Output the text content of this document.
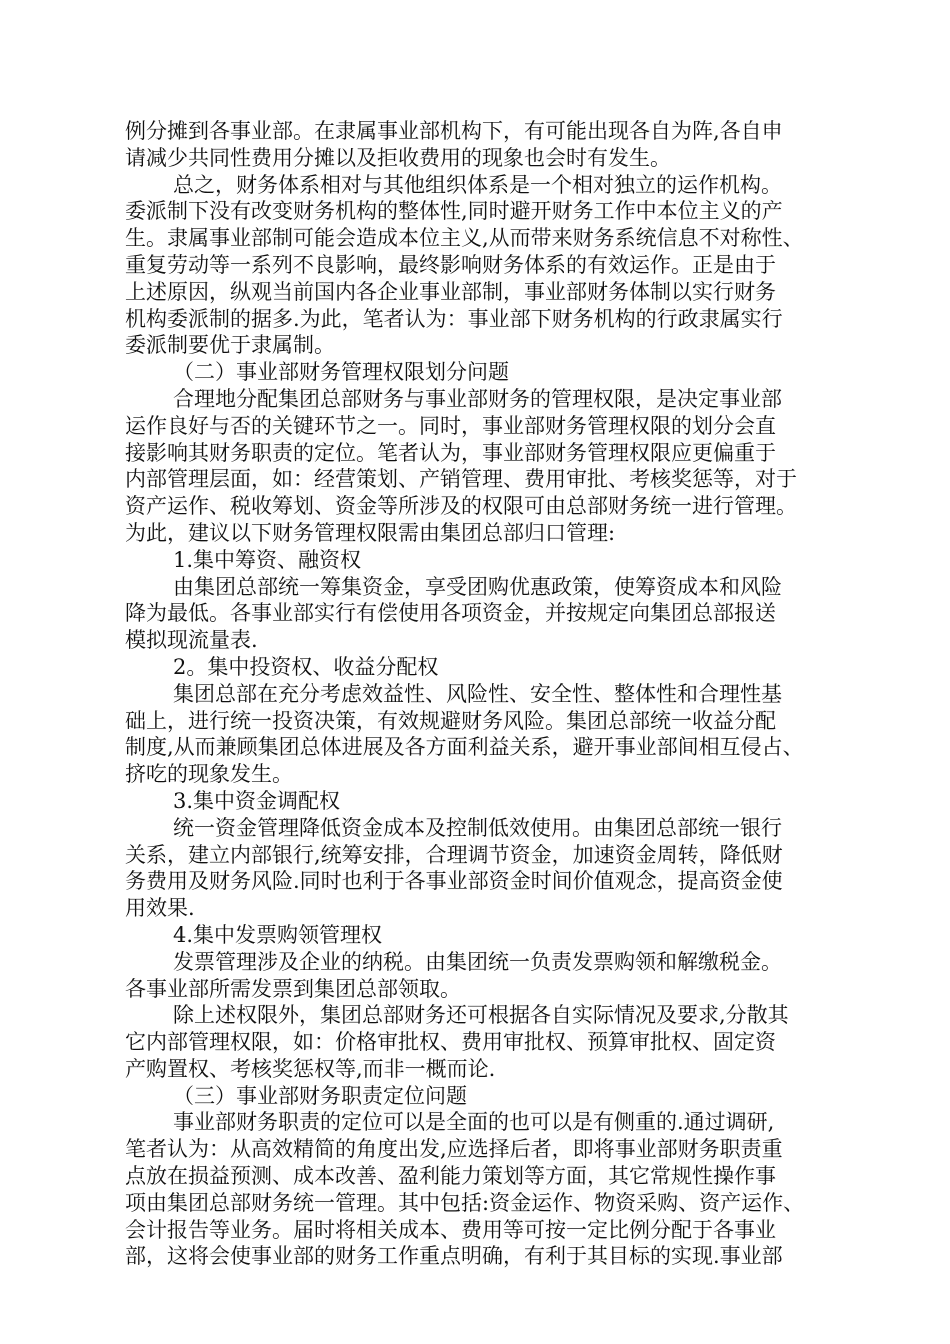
例分摊到各事业部。在隶属事业部机构下，有可能出现各自为阵,各自申
请减少共同性费用分摊以及拒收费用的现象也会时有发生。
总之，财务体系相对与其他组织体系是一个相对独立的运作机构。
委派制下没有改变财务机构的整体性,同时避开财务工作中本位主义的产
生。隶属事业部制可能会造成本位主义,从而带来财务系统信息不对称性、
重复劳动等一系列不良影响，最终影响财务体系的有效运作。正是由于
上述原因，纵观当前国内各企业事业部制，事业部财务体制以实行财务
机构委派制的据多.为此，笔者认为：事业部下财务机构的行政隶属实行
委派制要优于隶属制。
（二）事业部财务管理权限划分问题
合理地分配集团总部财务与事业部财务的管理权限，是决定事业部
运作良好与否的关键环节之一。同时，事业部财务管理权限的划分会直
接影响其财务职责的定位。笔者认为，事业部财务管理权限应更偏重于
内部管理层面，如：经营策划、产销管理、费用审批、考核奖惩等，对于
资产运作、税收筹划、资金等所涉及的权限可由总部财务统一进行管理。
为此，建议以下财务管理权限需由集团总部归口管理:
1.集中筹资、融资权
由集团总部统一筹集资金，享受团购优惠政策，使筹资成本和风险
降为最低。各事业部实行有偿使用各项资金，并按规定向集团总部报送
模拟现流量表.
2。集中投资权、收益分配权
集团总部在充分考虑效益性、风险性、安全性、整体性和合理性基
础上，进行统一投资决策，有效规避财务风险。集团总部统一收益分配
制度,从而兼顾集团总体进展及各方面利益关系，避开事业部间相互侵占、
挤吃的现象发生。
3.集中资金调配权
统一资金管理降低资金成本及控制低效使用。由集团总部统一银行
关系，建立内部银行,统筹安排，合理调节资金，加速资金周转，降低财
务费用及财务风险.同时也利于各事业部资金时间价值观念，提高资金使
用效果.
4.集中发票购领管理权
发票管理涉及企业的纳税。由集团统一负责发票购领和解缴税金。
各事业部所需发票到集团总部领取。
除上述权限外，集团总部财务还可根据各自实际情况及要求,分散其
它内部管理权限，如：价格审批权、费用审批权、预算审批权、固定资
产购置权、考核奖惩权等,而非一概而论.
（三）事业部财务职责定位问题
事业部财务职责的定位可以是全面的也可以是有侧重的.通过调研,
笔者认为：从高效精简的角度出发,应选择后者，即将事业部财务职责重
点放在损益预测、成本改善、盈利能力策划等方面，其它常规性操作事
项由集团总部财务统一管理。其中包括:资金运作、物资采购、资产运作、
会计报告等业务。届时将相关成本、费用等可按一定比例分配于各事业
部，这将会使事业部的财务工作重点明确，有利于其目标的实现.事业部
